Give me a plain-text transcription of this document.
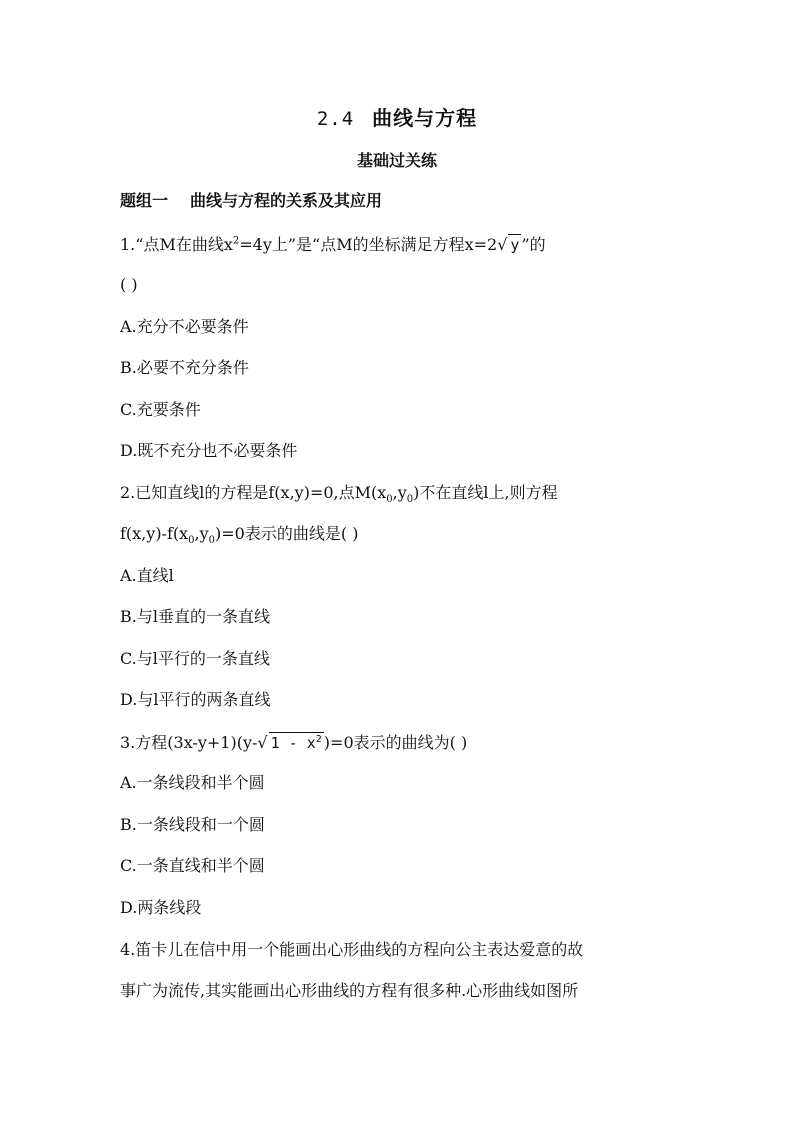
2.4 曲线与方程
基础过关练
题组一 曲线与方程的关系及其应用
1.“点M在曲线$x^2=4y$上”是“点M的坐标满足方程x=2√ y ”的
( )
A.充分不必要条件
B.必要不充分条件
C.充要条件
D.既不充分也不必要条件
2.已知直线l的方程是f(x,y)=0,点$M(x_0,y_0)$不在直线l上,则方程
$f(x,y)-f(x_0,y_0)=0$表示的曲线是( )
A.直线l
B.与l垂直的一条直线
C.与l平行的一条直线
D.与l平行的两条直线
3.方程(3x-y+1)(y-√ $1 - x^2$ )=0表示的曲线为( )
A.一条线段和半个圆
B.一条线段和一个圆
C.一条直线和半个圆
D.两条线段
4.笛卡儿在信中用一个能画出心形曲线的方程向公主表达爱意的故
事广为流传,其实能画出心形曲线的方程有很多种.心形曲线如图所
